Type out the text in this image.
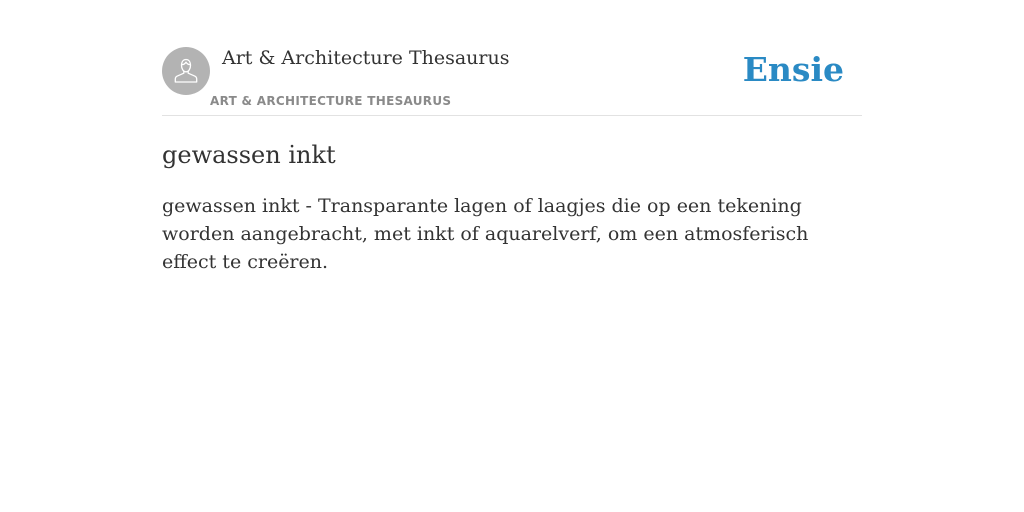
Art & Architecture Thesaurus
ART & ARCHITECTURE THESAURUS
Ensie
gewassen inkt

gewassen inkt - Transparante lagen of laagjes die op een tekening worden aangebracht, met inkt of aquarelverf, om een atmosferisch effect te creëren.
